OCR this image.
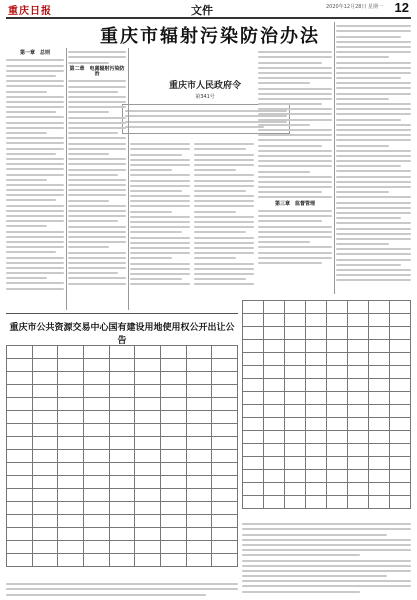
重庆日报	文件	2020年12月28日 星期一 12
重庆市辐射污染防治办法
重庆市人民政府令
第341号
第一章　总则
第二章　电离辐射污染防治
第三章　监督管理
重庆市公共资源交易中心国有建设用地使用权公开出让公告
